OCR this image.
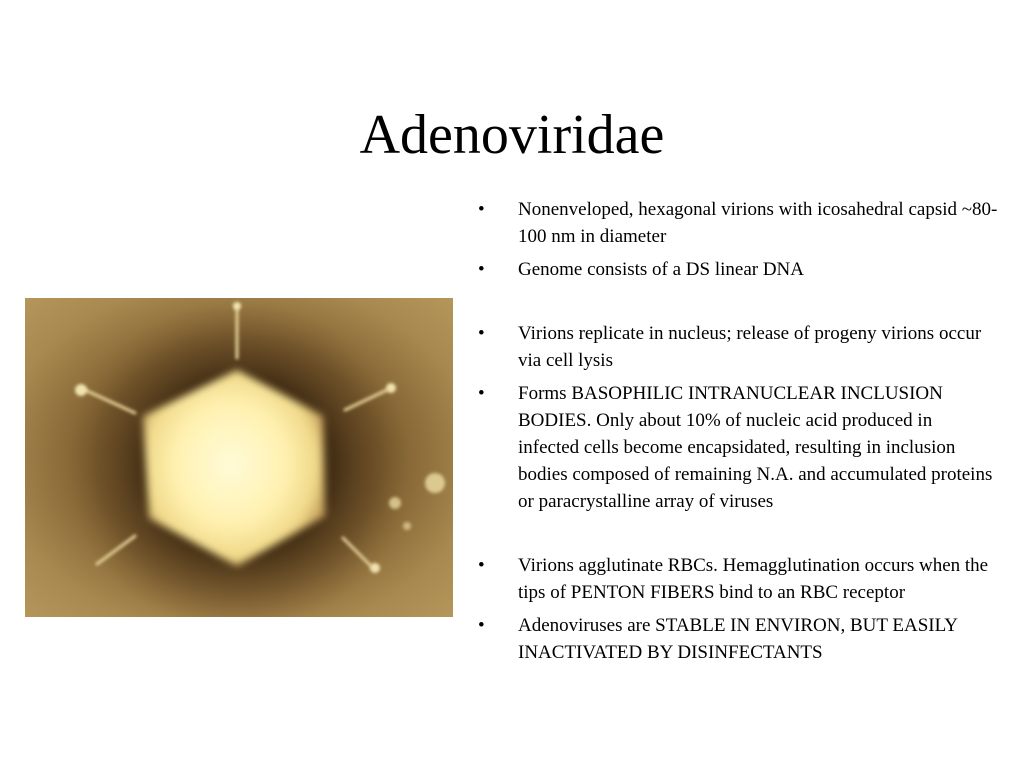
Adenoviridae
• Nonenveloped, hexagonal virions with icosahedral capsid ~80-100 nm in diameter
• Genome consists of a DS linear DNA
• Virions replicate in nucleus; release of progeny virions occur via cell lysis
• Forms BASOPHILIC INTRANUCLEAR INCLUSION BODIES. Only about 10% of nucleic acid produced in infected cells become encapsidated, resulting in inclusion bodies composed of remaining N.A. and accumulated proteins or paracrystalline array of viruses
• Virions agglutinate RBCs. Hemagglutination occurs when the tips of PENTON FIBERS bind to an RBC receptor
• Adenoviruses are STABLE IN ENVIRON, BUT EASILY INACTIVATED BY DISINFECTANTS
